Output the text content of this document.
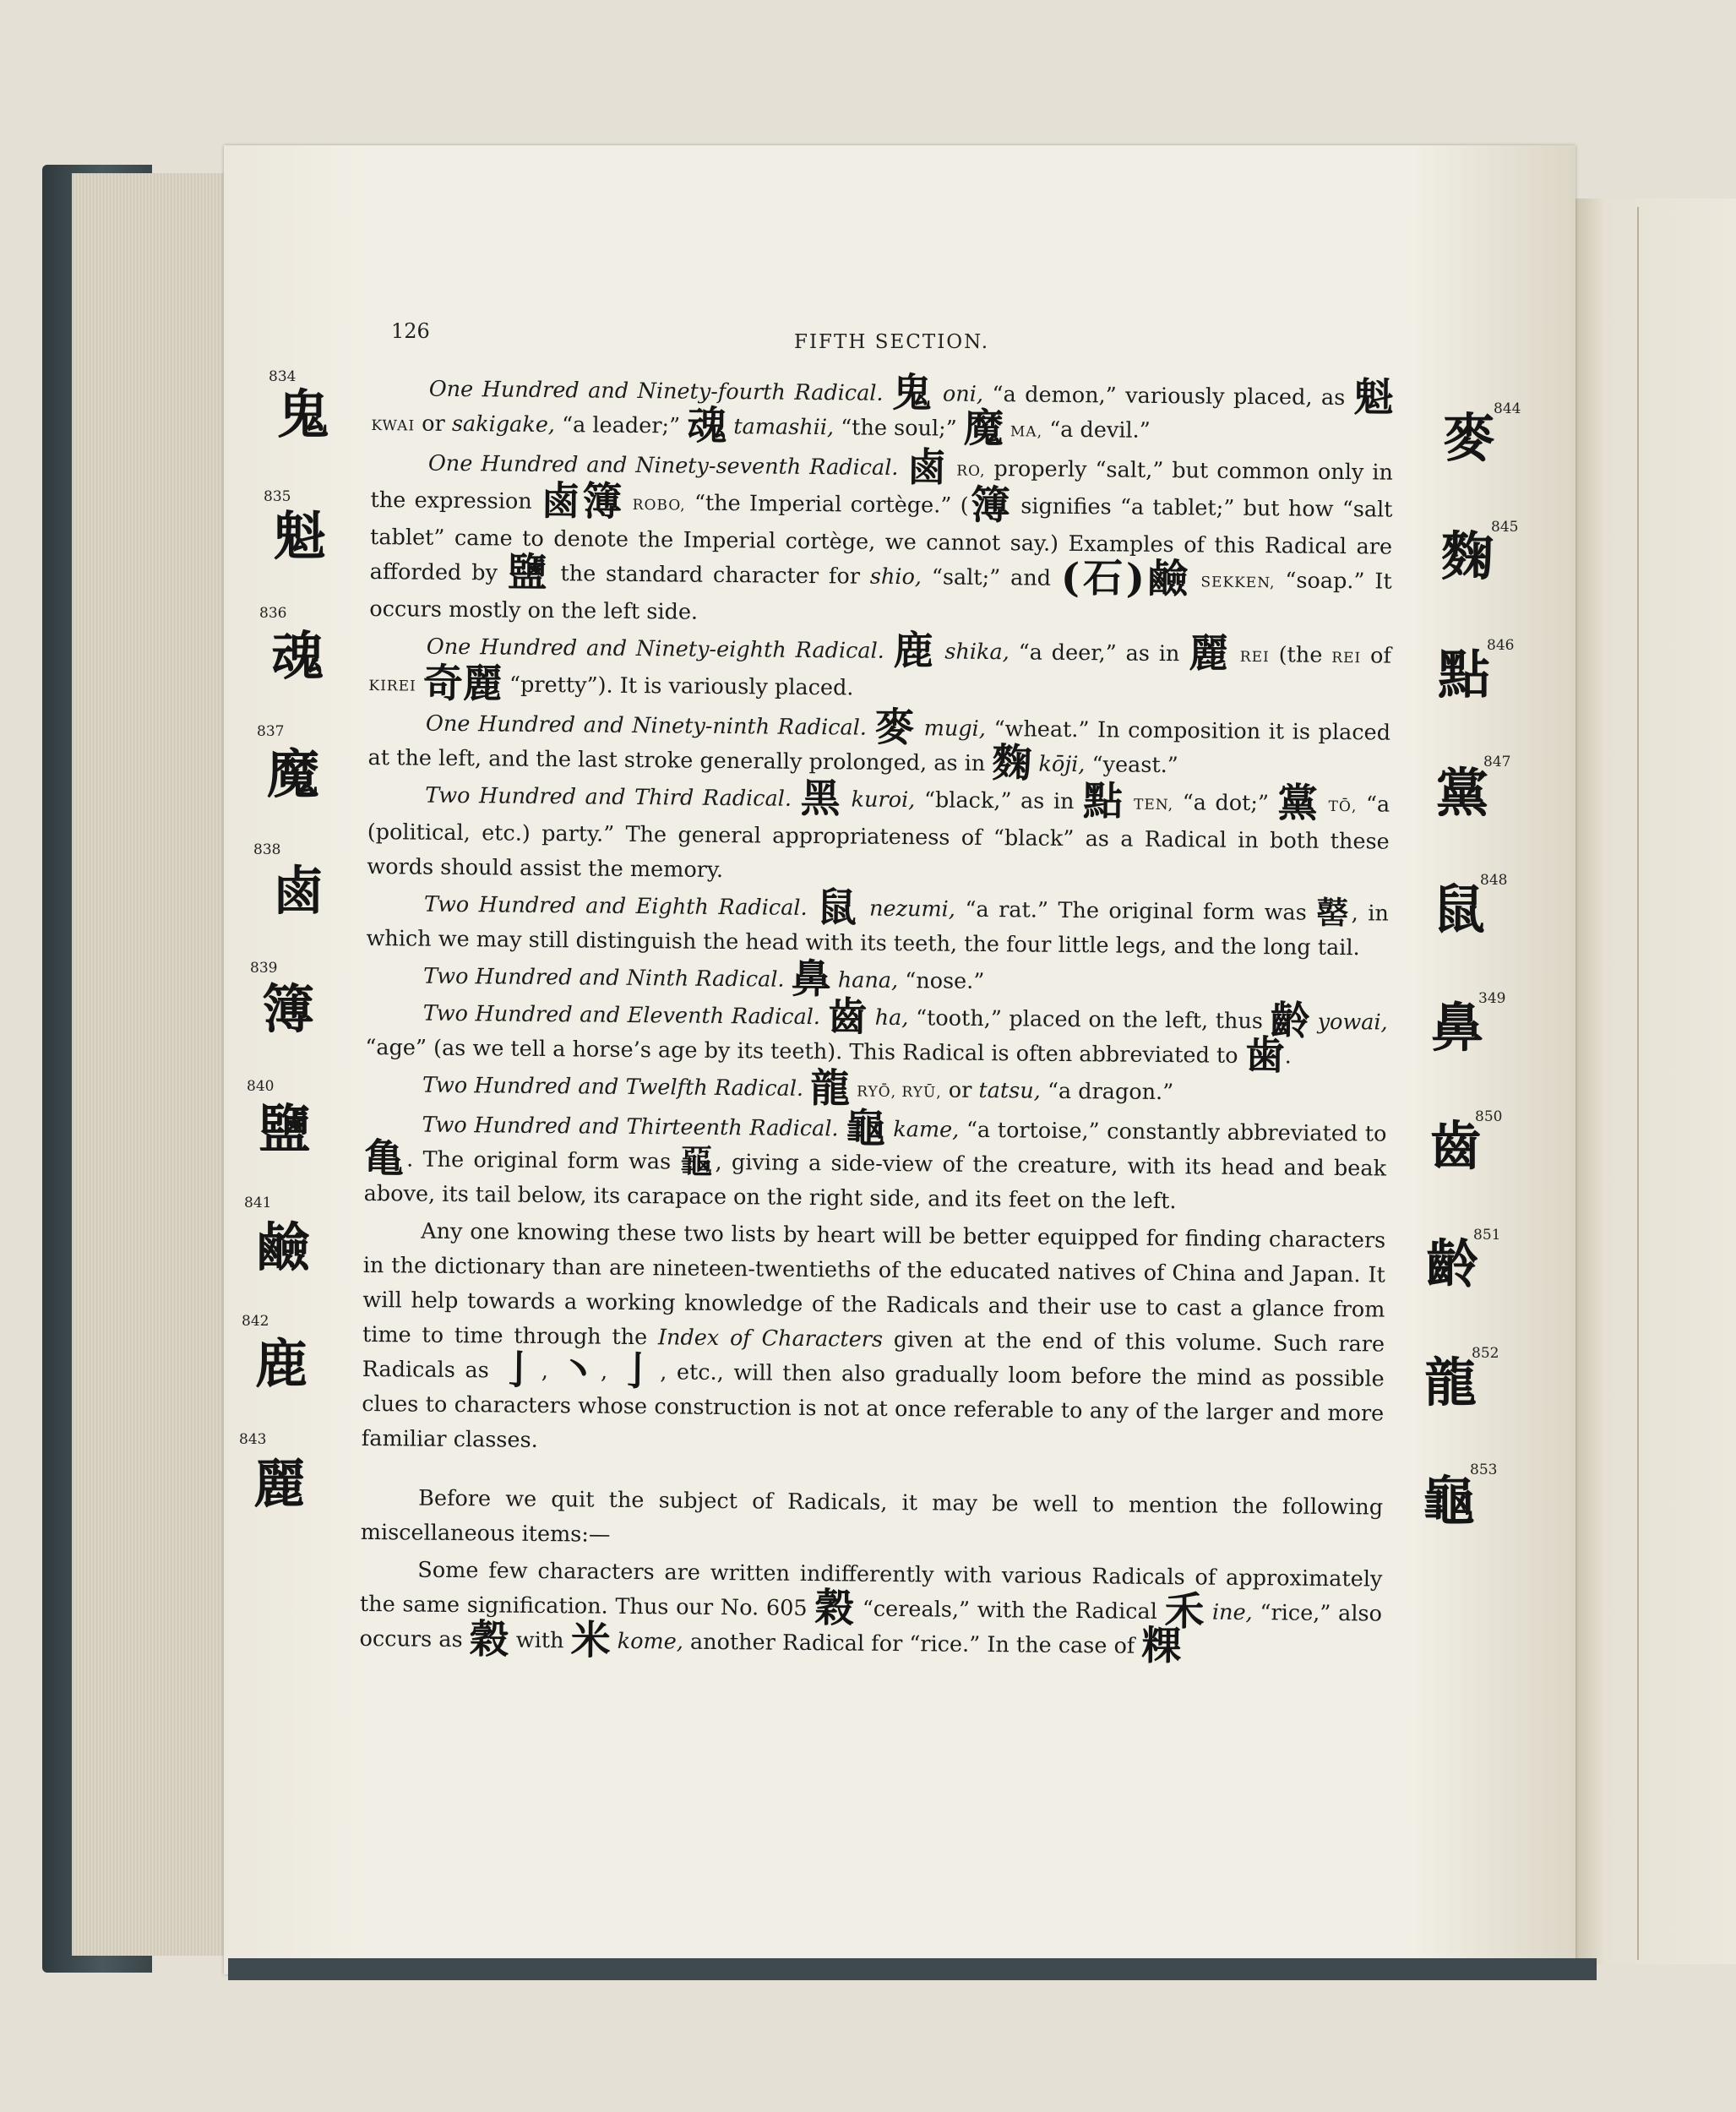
126	FIFTH SECTION.
834
鬼
835
魁
836
魂
837
魔
838
鹵
839
簿
840
鹽
841
鹼
842
鹿
843
麗
844
麥
845
麴
846
點
847
黨
848
鼠
349
鼻
850
齒
851
齡
852
龍
853
龜

One Hundred and Ninety-fourth Radical. 鬼 oni, “a demon,” variously placed, as 魁 KWAI or sakigake, “a leader;” 魂 tamashii, “the soul;” 魔 MA, “a devil.”

One Hundred and Ninety-seventh Radical. 鹵 RO, properly “salt,” but common only in the expression 鹵簿 ROBO, “the Imperial cortège.” (簿 signifies “a tablet;” but how “salt tablet” came to denote the Imperial cortège, we cannot say.) Examples of this Radical are afforded by 鹽 the standard character for shio, “salt;” and (石)鹼 SEKKEN, “soap.” It occurs mostly on the left side.

One Hundred and Ninety-eighth Radical. 鹿 shika, “a deer,” as in 麗 REI (the REI of KIREI 奇麗 “pretty”). It is variously placed.

One Hundred and Ninety-ninth Radical. 麥 mugi, “wheat.” In composition it is placed at the left, and the last stroke generally prolonged, as in 麴 kōji, “yeast.”

Two Hundred and Third Radical. 黑 kuroi, “black,” as in 點 TEN, “a dot;” 黨 TŌ, “a (political, etc.) party.” The general appropriateness of “black” as a Radical in both these words should assist the memory.

Two Hundred and Eighth Radical. 鼠 nezumi, “a rat.” The original form was 𪔐, in which we may still distinguish the head with its teeth, the four little legs, and the long tail.

Two Hundred and Ninth Radical. 鼻 hana, “nose.”

Two Hundred and Eleventh Radical. 齒 ha, “tooth,” placed on the left, thus 齡 yowai, “age” (as we tell a horse’s age by its teeth). This Radical is often abbreviated to 歯.

Two Hundred and Twelfth Radical. 龍 RYŌ, RYŪ, or tatsu, “a dragon.”

Two Hundred and Thirteenth Radical. 龜 kame, “a tortoise,” constantly abbreviated to 亀. The original form was 𪚦, giving a side-view of the creature, with its head and beak above, its tail below, its carapace on the right side, and its feet on the left.

Any one knowing these two lists by heart will be better equipped for finding characters in the dictionary than are nineteen-twentieths of the educated natives of China and Japan. It will help towards a working knowledge of the Radicals and their use to cast a glance from time to time through the Index of Characters given at the end of this volume. Such rare Radicals as 亅, 丶, 亅, etc., will then also gradually loom before the mind as possible clues to characters whose construction is not at once referable to any of the larger and more familiar classes.

Before we quit the subject of Radicals, it may be well to mention the following miscellaneous items:—

Some few characters are written indifferently with various Radicals of approximately the same signification. Thus our No. 605 穀 “cereals,” with the Radical 禾 ine, “rice,” also occurs as 穀 with 米 kome, another Radical for “rice.” In the case of 粿
